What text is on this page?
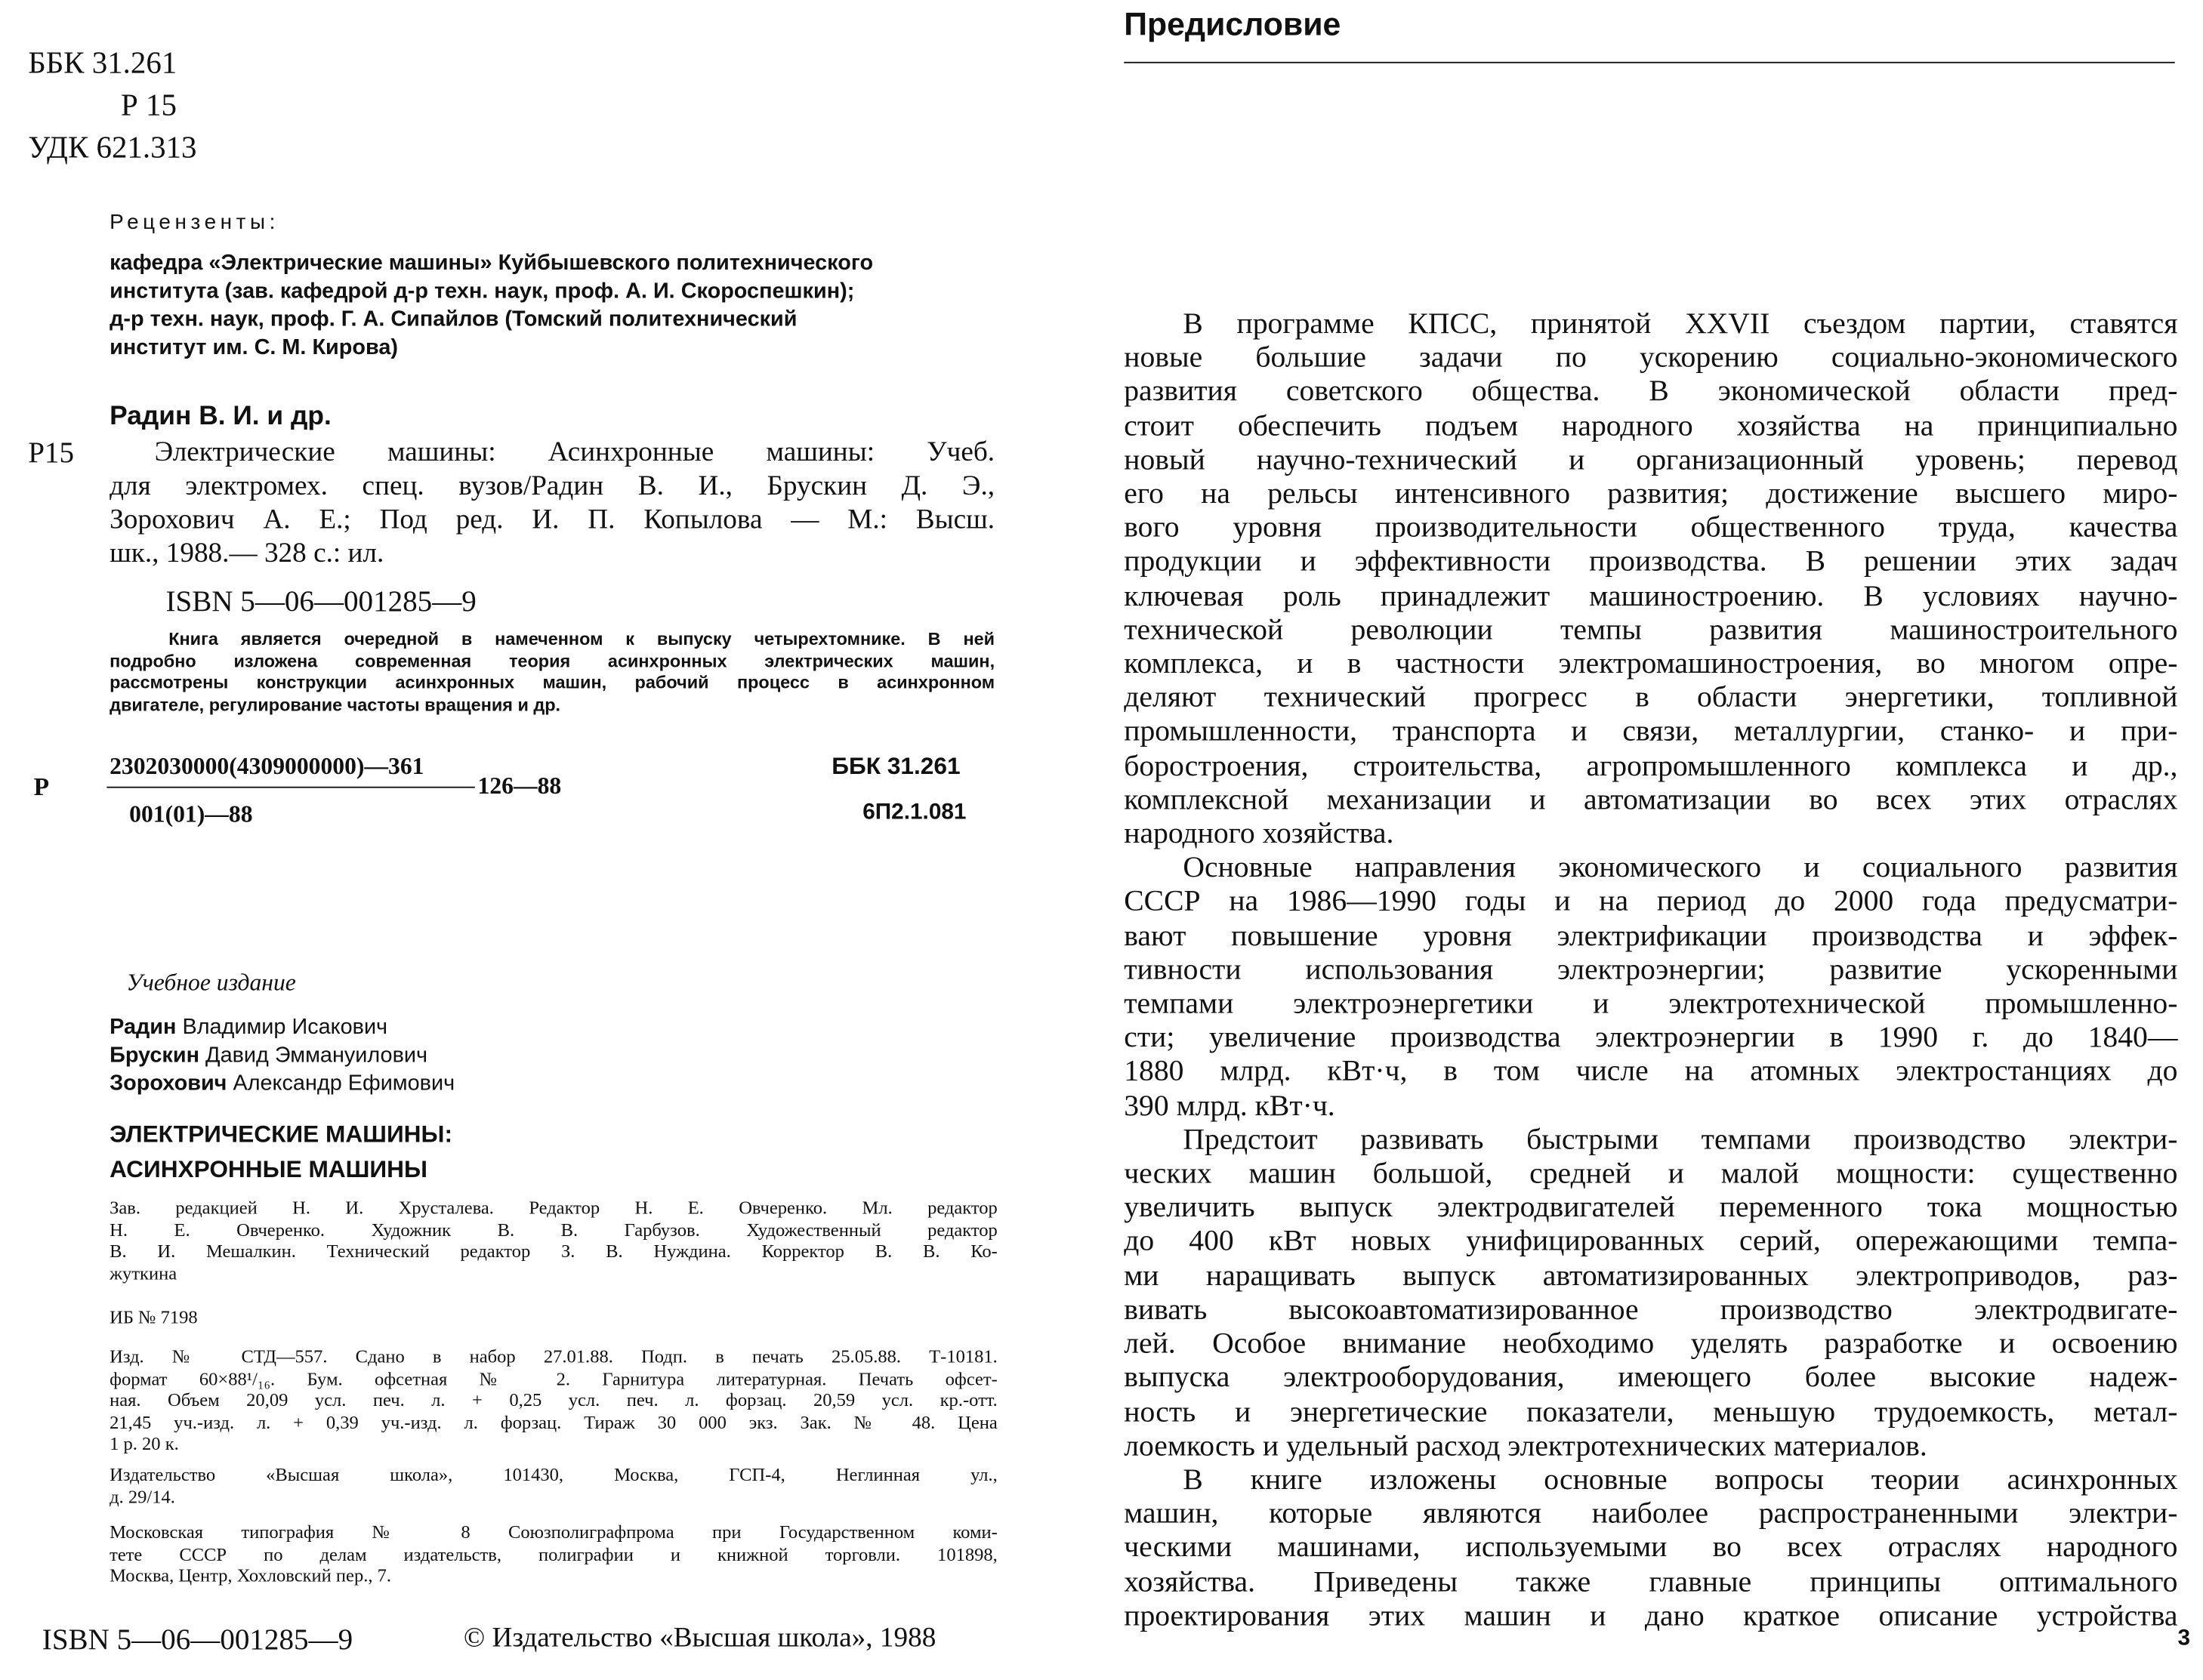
ББК 31.261
Р 15
УДК 621.313
Рецензенты:
кафедра «Электрические машины» Куйбышевского политехнического
института (зав. кафедрой д-р техн. наук, проф. А. И. Скороспешкин);
д-р техн. наук, проф. Г. А. Сипайлов (Томский политехнический
институт им. С. М. Кирова)
Радин В. И. и др.
Р15	Электрические машины: Асинхронные машины: Учеб.
для электромех. спец. вузов/Радин В. И., Брускин Д. Э.,
Зорохович А. Е.; Под ред. И. П. Копылова — М.: Высш.
шк., 1988.— 328 с.: ил.
ISBN 5—06—001285—9
Книга является очередной в намеченном к выпуску четырехтомнике. В ней
подробно изложена современная теория асинхронных электрических машин,
рассмотрены конструкции асинхронных машин, рабочий процесс в асинхронном
двигателе, регулирование частоты вращения и др.
Р
2302030000(4309000000)—361
126—88
001(01)—88
ББК 31.261
6П2.1.081
Учебное издание
Радин Владимир Исакович
Брускин Давид Эммануилович
Зорохович Александр Ефимович
ЭЛЕКТРИЧЕСКИЕ МАШИНЫ:
АСИНХРОННЫЕ МАШИНЫ
Зав. редакцией Н. И. Хрусталева. Редактор Н. Е. Овчеренко. Мл. редактор
Н. Е. Овчеренко. Художник В. В. Гарбузов. Художественный редактор
В. И. Мешалкин. Технический редактор З. В. Нуждина. Корректор В. В. Ко-
жуткина
ИБ № 7198
Изд. № СТД—557. Сдано в набор 27.01.88. Подп. в печать 25.05.88. Т-10181.
формат 60×88¹/₁₆. Бум. офсетная № 2. Гарнитура литературная. Печать офсет-
ная. Объем 20,09 усл. печ. л. + 0,25 усл. печ. л. форзац. 20,59 усл. кр.-отт.
21,45 уч.-изд. л. + 0,39 уч.-изд. л. форзац. Тираж 30 000 экз. Зак. № 48. Цена
1 р. 20 к.
Издательство «Высшая школа», 101430, Москва, ГСП-4, Неглинная ул.,
д. 29/14.
Московская типография № 8 Союзполиграфпрома при Государственном коми-
тете СССР по делам издательств, полиграфии и книжной торговли. 101898,
Москва, Центр, Хохловский пер., 7.
ISBN 5—06—001285—9	© Издательство «Высшая школа», 1988
Предисловие
В программе КПСС, принятой XXVII съездом партии, ставятся
новые большие задачи по ускорению социально-экономического
развития советского общества. В экономической области пред-
стоит обеспечить подъем народного хозяйства на принципиально
новый научно-технический и организационный уровень; перевод
его на рельсы интенсивного развития; достижение высшего миро-
вого уровня производительности общественного труда, качества
продукции и эффективности производства. В решении этих задач
ключевая роль принадлежит машиностроению. В условиях научно-
технической революции темпы развития машиностроительного
комплекса, и в частности электромашиностроения, во многом опре-
деляют технический прогресс в области энергетики, топливной
промышленности, транспорта и связи, металлургии, станко- и при-
боростроения, строительства, агропромышленного комплекса и др.,
комплексной механизации и автоматизации во всех этих отраслях
народного хозяйства.
Основные направления экономического и социального развития
СССР на 1986—1990 годы и на период до 2000 года предусматри-
вают повышение уровня электрификации производства и эффек-
тивности использования электроэнергии; развитие ускоренными
темпами электроэнергетики и электротехнической промышленно-
сти; увеличение производства электроэнергии в 1990 г. до 1840—
1880 млрд. кВт·ч, в том числе на атомных электростанциях до
390 млрд. кВт·ч.
Предстоит развивать быстрыми темпами производство электри-
ческих машин большой, средней и малой мощности: существенно
увеличить выпуск электродвигателей переменного тока мощностью
до 400 кВт новых унифицированных серий, опережающими темпа-
ми наращивать выпуск автоматизированных электроприводов, раз-
вивать высокоавтоматизированное производство электродвигате-
лей. Особое внимание необходимо уделять разработке и освоению
выпуска электрооборудования, имеющего более высокие надеж-
ность и энергетические показатели, меньшую трудоемкость, метал-
лоемкость и удельный расход электротехнических материалов.
В книге изложены основные вопросы теории асинхронных
машин, которые являются наиболее распространенными электри-
ческими машинами, используемыми во всех отраслях народного
хозяйства. Приведены также главные принципы оптимального
проектирования этих машин и дано краткое описание устройства
3
